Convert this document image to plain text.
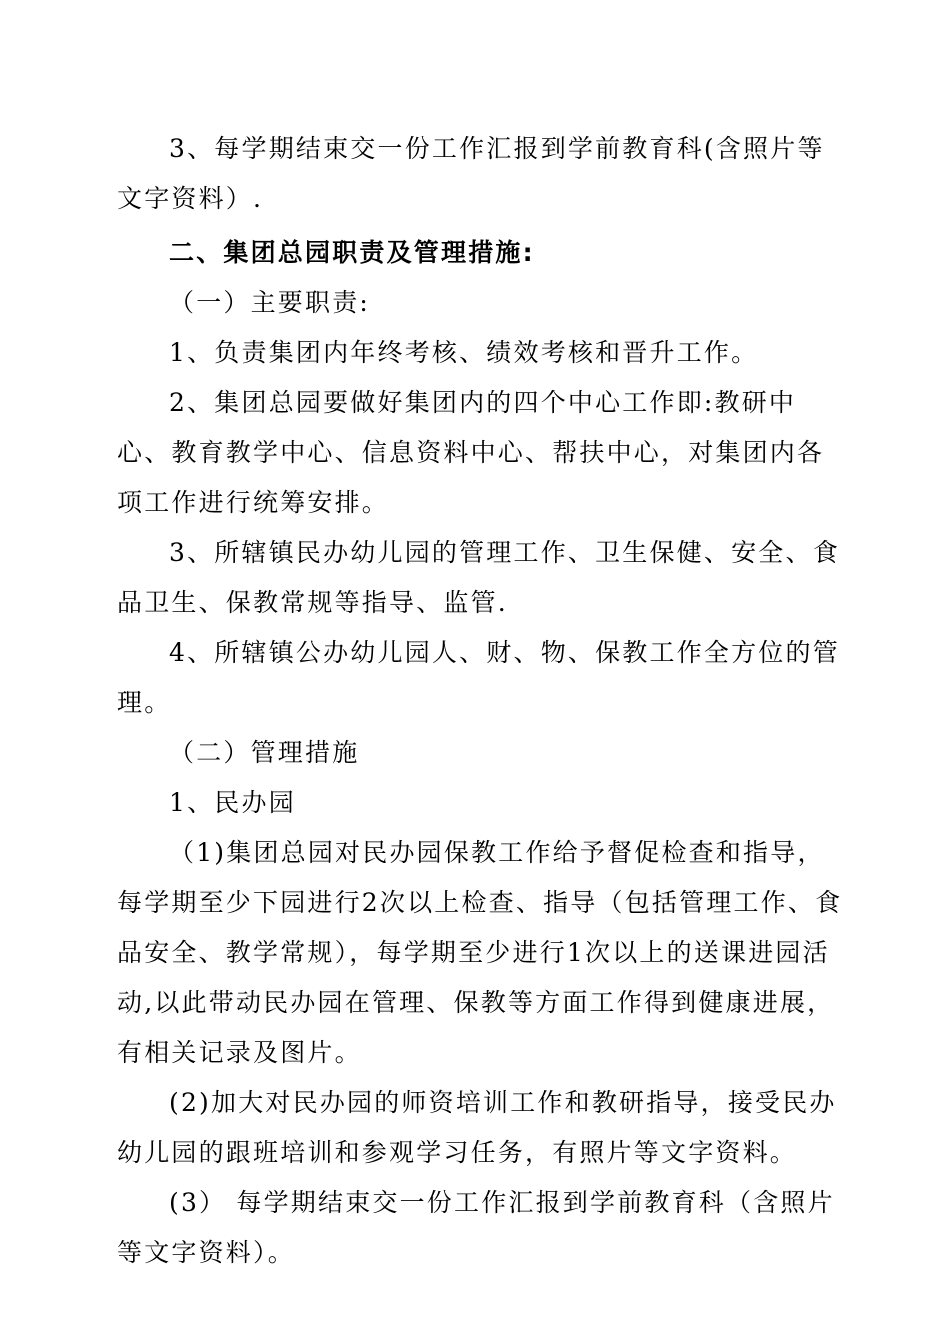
3、每学期结束交一份工作汇报到学前教育科(含照片等文字资料）.

二、集团总园职责及管理措施:

（一）主要职责:

1、负责集团内年终考核、绩效考核和晋升工作。

2、集团总园要做好集团内的四个中心工作即:教研中心、教育教学中心、信息资料中心、帮扶中心，对集团内各项工作进行统筹安排。

3、所辖镇民办幼儿园的管理工作、卫生保健、安全、食品卫生、保教常规等指导、监管.

4、所辖镇公办幼儿园人、财、物、保教工作全方位的管理。

（二）管理措施

1、民办园

（1)集团总园对民办园保教工作给予督促检查和指导，每学期至少下园进行2次以上检查、指导（包括管理工作、食品安全、教学常规），每学期至少进行1次以上的送课进园活动,以此带动民办园在管理、保教等方面工作得到健康进展，有相关记录及图片。

(2)加大对民办园的师资培训工作和教研指导，接受民办幼儿园的跟班培训和参观学习任务，有照片等文字资料。

(3） 每学期结束交一份工作汇报到学前教育科（含照片等文字资料）。
